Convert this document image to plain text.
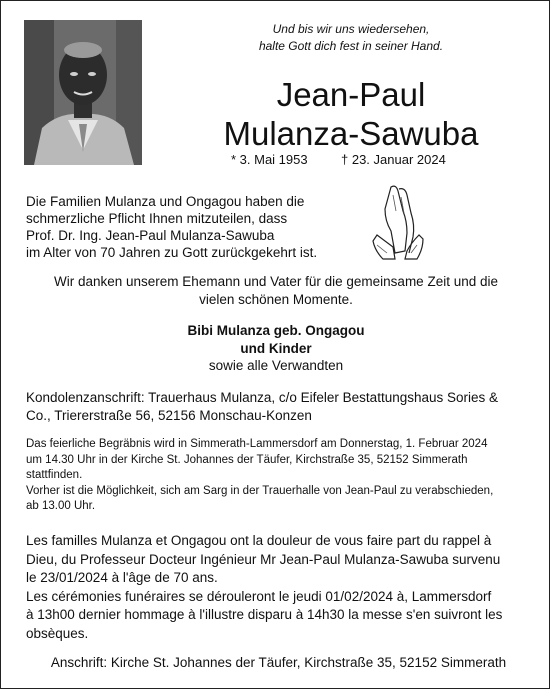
Und bis wir uns wiedersehen,
halte Gott dich fest in seiner Hand.
Jean-Paul
Mulanza-Sawuba
* 3. Mai 1953	† 23. Januar 2024
Die Familien Mulanza und Ongagou haben die
schmerzliche Pflicht Ihnen mitzuteilen, dass
Prof. Dr. Ing. Jean-Paul Mulanza-Sawuba
im Alter von 70 Jahren zu Gott zurückgekehrt ist.
Wir danken unserem Ehemann und Vater für die gemeinsame Zeit und die
vielen schönen Momente.
Bibi Mulanza geb. Ongagou
und Kinder
sowie alle Verwandten
Kondolenzanschrift: Trauerhaus Mulanza, c/o Eifeler Bestattungshaus Sories &
Co., Triererstraße 56, 52156 Monschau-Konzen
Das feierliche Begräbnis wird in Simmerath-Lammersdorf am Donnerstag, 1. Februar 2024
um 14.30 Uhr in der Kirche St. Johannes der Täufer, Kirchstraße 35, 52152 Simmerath
stattfinden.
Vorher ist die Möglichkeit, sich am Sarg in der Trauerhalle von Jean-Paul zu verabschieden,
ab 13.00 Uhr.
Les familles Mulanza et Ongagou ont la douleur de vous faire part du rappel à
Dieu, du Professeur Docteur Ingénieur Mr Jean-Paul Mulanza-Sawuba survenu
le 23/01/2024 à l'âge de 70 ans.
Les cérémonies funéraires se dérouleront le jeudi 01/02/2024 à, Lammersdorf
à 13h00 dernier hommage à l'illustre disparu à 14h30 la messe s'en suivront les
obsèques.
Anschrift: Kirche St. Johannes der Täufer, Kirchstraße 35, 52152 Simmerath
